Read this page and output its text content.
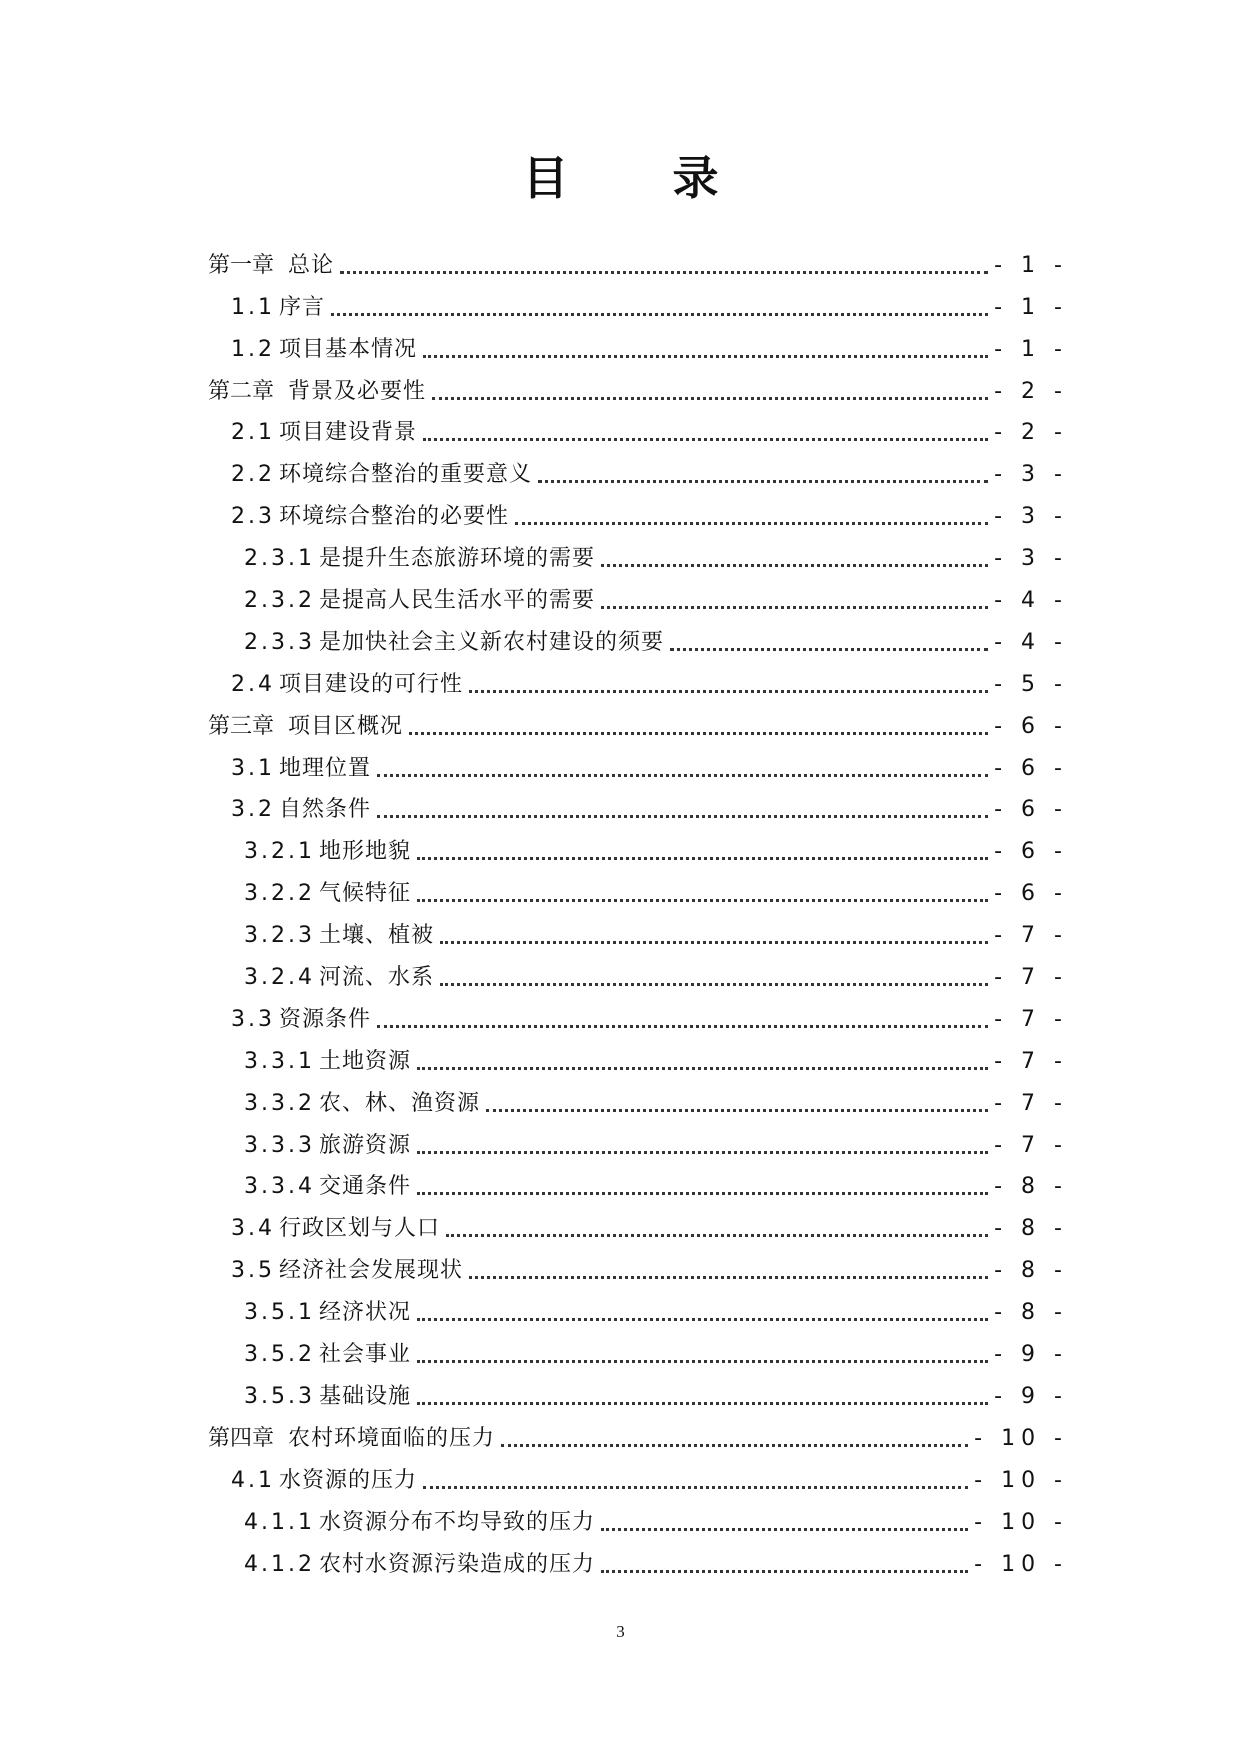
目 录
第一章 总论	- 1 -
1.1 序言	- 1 -
1.2 项目基本情况	- 1 -
第二章 背景及必要性	- 2 -
2.1 项目建设背景	- 2 -
2.2 环境综合整治的重要意义	- 3 -
2.3 环境综合整治的必要性	- 3 -
2.3.1 是提升生态旅游环境的需要	- 3 -
2.3.2 是提高人民生活水平的需要	- 4 -
2.3.3 是加快社会主义新农村建设的须要	- 4 -
2.4 项目建设的可行性	- 5 -
第三章 项目区概况	- 6 -
3.1 地理位置	- 6 -
3.2 自然条件	- 6 -
3.2.1 地形地貌	- 6 -
3.2.2 气候特征	- 6 -
3.2.3 土壤、植被	- 7 -
3.2.4 河流、水系	- 7 -
3.3 资源条件	- 7 -
3.3.1 土地资源	- 7 -
3.3.2 农、林、渔资源	- 7 -
3.3.3 旅游资源	- 7 -
3.3.4 交通条件	- 8 -
3.4 行政区划与人口	- 8 -
3.5 经济社会发展现状	- 8 -
3.5.1 经济状况	- 8 -
3.5.2 社会事业	- 9 -
3.5.3 基础设施	- 9 -
第四章 农村环境面临的压力	- 10 -
4.1 水资源的压力	- 10 -
4.1.1 水资源分布不均导致的压力	- 10 -
4.1.2 农村水资源污染造成的压力	- 10 -
3
